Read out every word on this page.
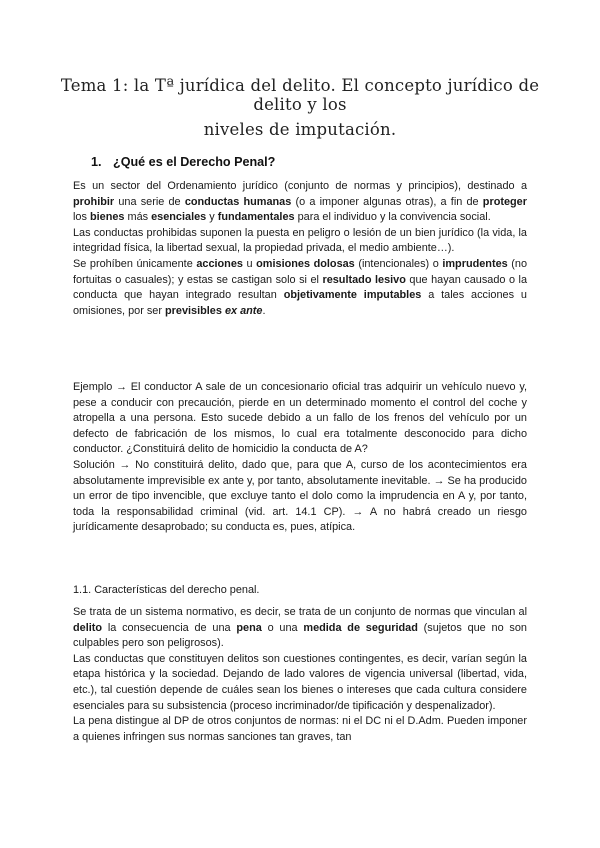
Tema 1: la Tª jurídica del delito. El concepto jurídico de delito y los
niveles de imputación.
1. ¿Qué es el Derecho Penal?

Es un sector del Ordenamiento jurídico (conjunto de normas y principios), destinado a prohibir una serie de conductas humanas (o a imponer algunas otras), a fin de proteger los bienes más esenciales y fundamentales para el individuo y la convivencia social.

Las conductas prohibidas suponen la puesta en peligro o lesión de un bien jurídico (la vida, la integridad física, la libertad sexual, la propiedad privada, el medio ambiente…).

Se prohíben únicamente acciones u omisiones dolosas (intencionales) o imprudentes (no fortuitas o casuales); y estas se castigan solo si el resultado lesivo que hayan causado o la conducta que hayan integrado resultan objetivamente imputables a tales acciones u omisiones, por ser previsibles ex ante.

Ejemplo → El conductor A sale de un concesionario oficial tras adquirir un vehículo nuevo y, pese a conducir con precaución, pierde en un determinado momento el control del coche y atropella a una persona. Esto sucede debido a un fallo de los frenos del vehículo por un defecto de fabricación de los mismos, lo cual era totalmente desconocido para dicho conductor. ¿Constituirá delito de homicidio la conducta de A?

Solución → No constituirá delito, dado que, para que A, curso de los acontecimientos era absolutamente imprevisible ex ante y, por tanto, absolutamente inevitable. → Se ha producido un error de tipo invencible, que excluye tanto el dolo como la imprudencia en A y, por tanto, toda la responsabilidad criminal (vid. art. 14.1 CP). → A no habrá creado un riesgo jurídicamente desaprobado; su conducta es, pues, atípica.

1.1. Características del derecho penal.

Se trata de un sistema normativo, es decir, se trata de un conjunto de normas que vinculan al delito la consecuencia de una pena o una medida de seguridad (sujetos que no son culpables pero son peligrosos).

Las conductas que constituyen delitos son cuestiones contingentes, es decir, varían según la etapa histórica y la sociedad. Dejando de lado valores de vigencia universal (libertad, vida, etc.), tal cuestión depende de cuáles sean los bienes o intereses que cada cultura considere esenciales para su subsistencia (proceso incriminador/de tipificación y despenalizador).

La pena distingue al DP de otros conjuntos de normas: ni el DC ni el D.Adm. Pueden imponer a quienes infringen sus normas sanciones tan graves, tan
